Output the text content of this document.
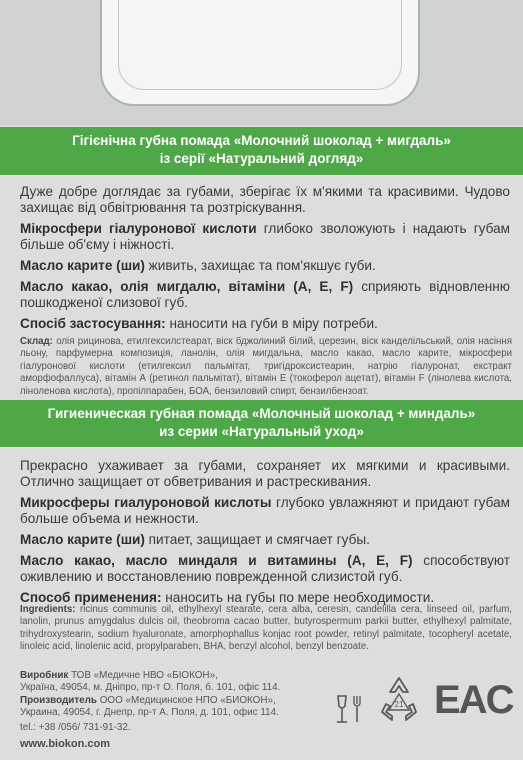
Гігієнічна губна помада «Молочний шоколад + мигдаль»
із серії «Натуральний догляд»

Дуже добре доглядає за губами, зберігає їх м'якими та красивими. Чудово захищає від обвітрювання та розтріскування.

Мікросфери гіалуронової кислоти глибоко зволожують і надають губам більше об'єму і ніжності.

Масло карите (ши) живить, захищає та пом'якшує губи.

Масло какао, олія мигдалю, вітаміни (А, Е, F) сприяють відновленню пошкодженої слизової губ.

Спосіб застосування: наносити на губи в міру потреби.

Склад: олія рицинова, етилгексилстеарат, віск бджолиний білий, церезин, віск канделільський, олія насіння льону, парфумерна композиція, ланолін, олія мигдальна, масло какао, масло карите, мікросфери гіалуронової кислоти (етилгексил пальмітат, тригідроксистеарин, натрію гіалуронат, екстракт аморфофаллуса), вітамін А (ретинол пальмітат), вітамін Е (токоферол ацетат), вітамін F (лінолева кислота, ліноленова кислота), пропілпарабен, БОА, бензиловий спирт, бензилбензоат.
Гигиеническая губная помада «Молочный шоколад + миндаль»
из серии «Натуральный уход»

Прекрасно ухаживает за губами, сохраняет их мягкими и красивыми. Отлично защищает от обветривания и растрескивания.

Микросферы гиалуроновой кислоты глубоко увлажняют и придают губам больше объема и нежности.

Масло карите (ши) питает, защищает и смягчает губы.

Масло какао, масло миндаля и витамины (А, Е, F) способствуют оживлению и восстановлению поврежденной слизистой губ.

Способ применения: наносить на губы по мере необходимости.

Ingredients: ricinus communis oil, ethylhexyl stearate, cera alba, ceresin, candelilla cera, linseed oil, parfum, lanolin, prunus amygdalus dulcis oil, theobroma cacao butter, butyrospermum parkii butter, ethylhexyl palmitate, trihydroxystearin, sodium hyaluronate, amorphophallus konjac root powder, retinyl palmitate, tocopheryl acetate, linoleic acid, linolenic acid, propylparaben, BHA, benzyl alcohol, benzyl benzoate.
Виробник ТОВ «Медичне НВО «БІОКОН»,
Україна, 49054, м. Дніпро, пр-т О. Поля, б. 101, офіс 114.
Производитель ООО «Медицинское НПО «БИОКОН»,
Украина, 49054, г. Днепр, пр-т А. Поля, д. 101, офис 114.
tel.: +38 /056/ 731-91-32.
www.biokon.com
21 EAC
